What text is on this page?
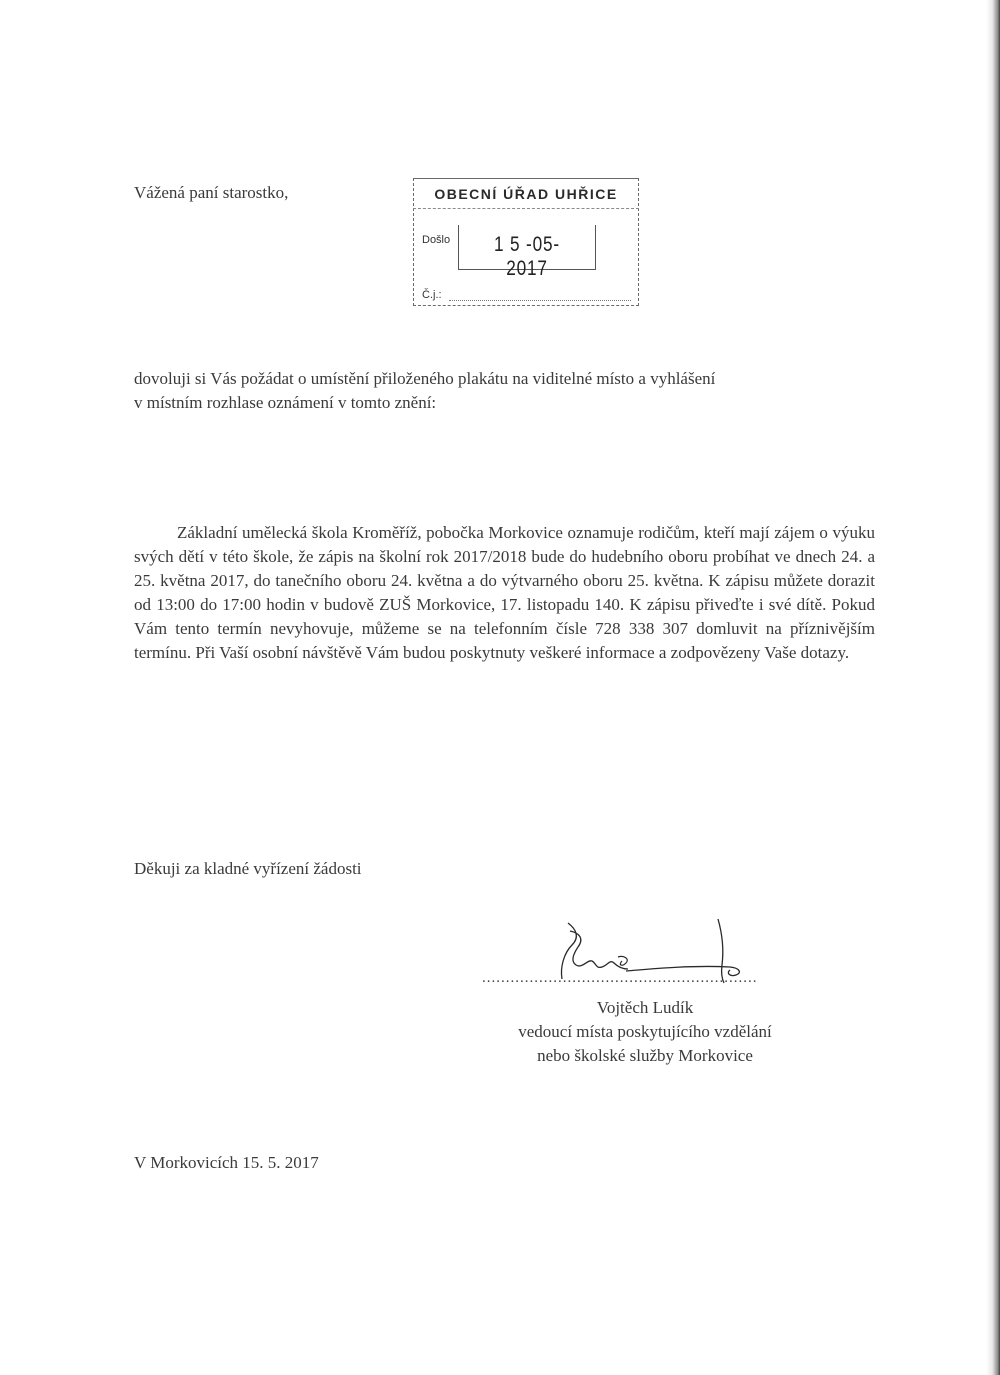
Vážená paní starostko,	OBECNÍ ÚŘAD UHŘICE
Došlo	1 5 -05- 2017
Č.j.:
dovoluji si Vás požádat o umístění přiloženého plakátu na viditelné místo a vyhlášení
v místním rozhlase oznámení v tomto znění:
Základní umělecká škola Kroměříž, pobočka Morkovice oznamuje rodičům, kteří mají zájem o výuku svých dětí v této škole, že zápis na školní rok 2017/2018 bude do hudebního oboru probíhat ve dnech 24. a 25. května 2017, do tanečního oboru 24. května a do výtvarného oboru 25. května. K zápisu můžete dorazit od 13:00 do 17:00 hodin v budově ZUŠ Morkovice, 17. listopadu 140. K zápisu přiveďte i své dítě. Pokud Vám tento termín nevyhovuje, můžeme se na telefonním čísle 728 338 307 domluvit na příznivějším termínu. Při Vaší osobní návštěvě Vám budou poskytnuty veškeré informace a zodpovězeny Vaše dotazy.
Děkuji za kladné vyřízení žádosti
..........................................................
Vojtěch Ludík
vedoucí místa poskytujícího vzdělání
nebo školské služby Morkovice
V Morkovicích 15. 5. 2017
